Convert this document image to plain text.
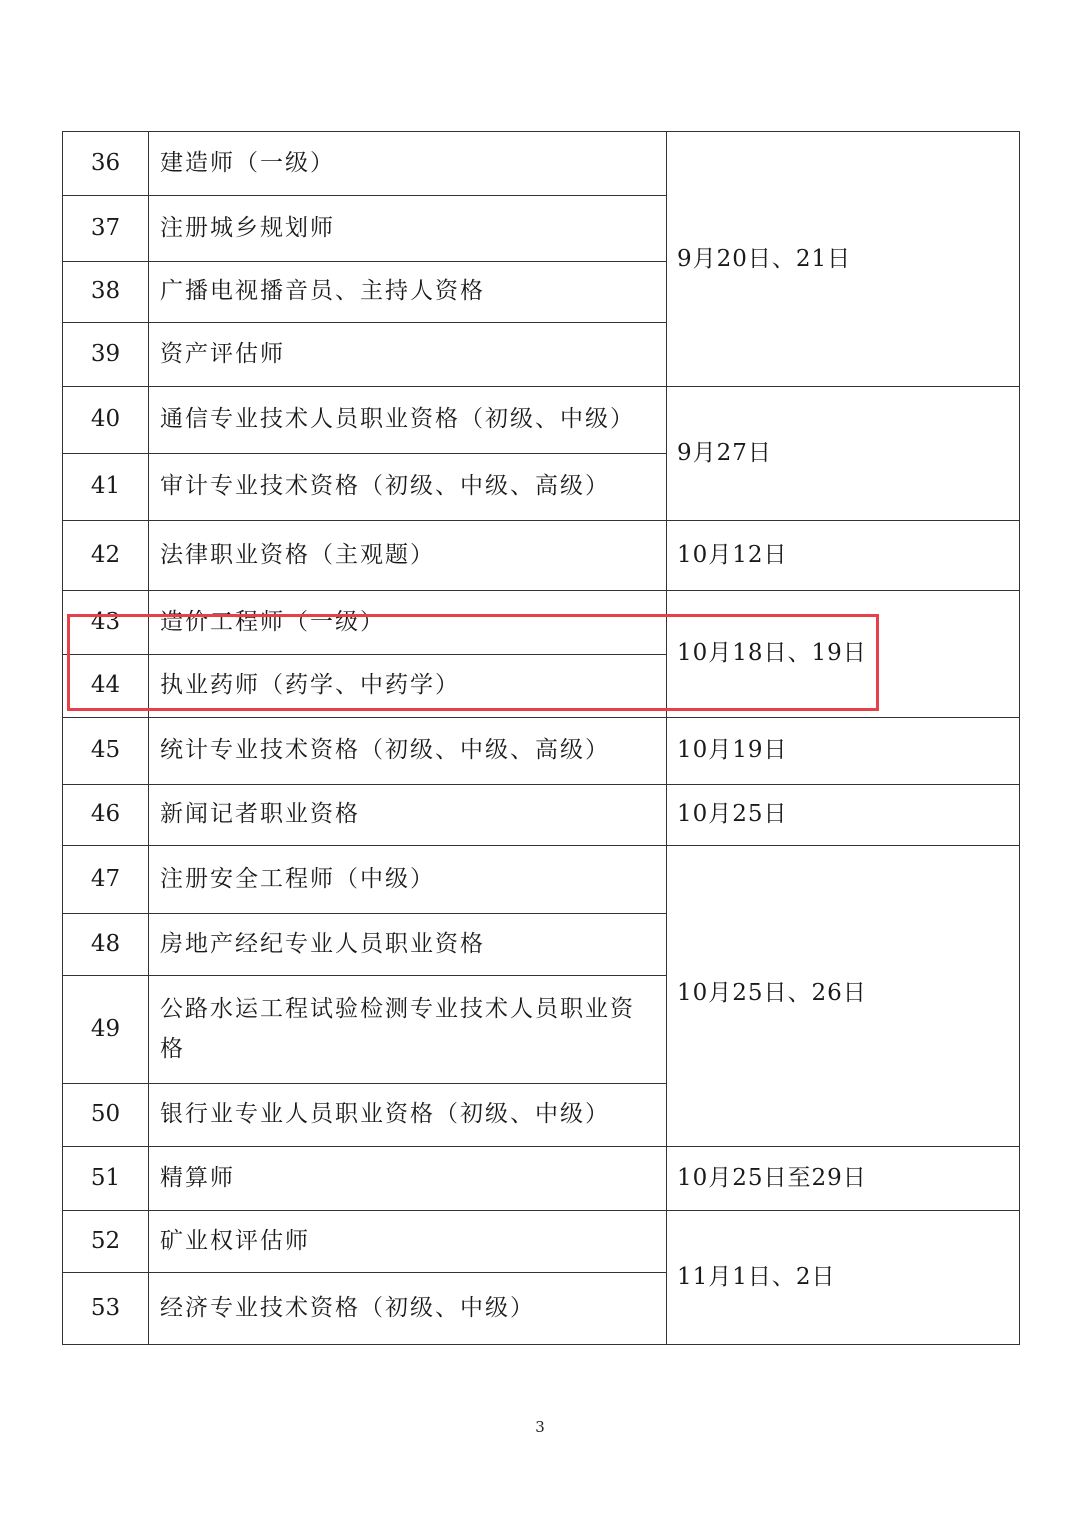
36	建造师（一级）	9月20日、21日
37	注册城乡规划师	
38	广播电视播音员、主持人资格	
39	资产评估师	
40	通信专业技术人员职业资格（初级、中级）	9月27日
41	审计专业技术资格（初级、中级、高级）	
42	法律职业资格（主观题）	10月12日
43	造价工程师（一级）	10月18日、19日
44	执业药师（药学、中药学）	
45	统计专业技术资格（初级、中级、高级）	10月19日
46	新闻记者职业资格	10月25日
47	注册安全工程师（中级）	10月25日、26日
48	房地产经纪专业人员职业资格	
49	公路水运工程试验检测专业技术人员职业资格	
50	银行业专业人员职业资格（初级、中级）	
51	精算师	10月25日至29日
52	矿业权评估师	11月1日、2日
53	经济专业技术资格（初级、中级）	
3
